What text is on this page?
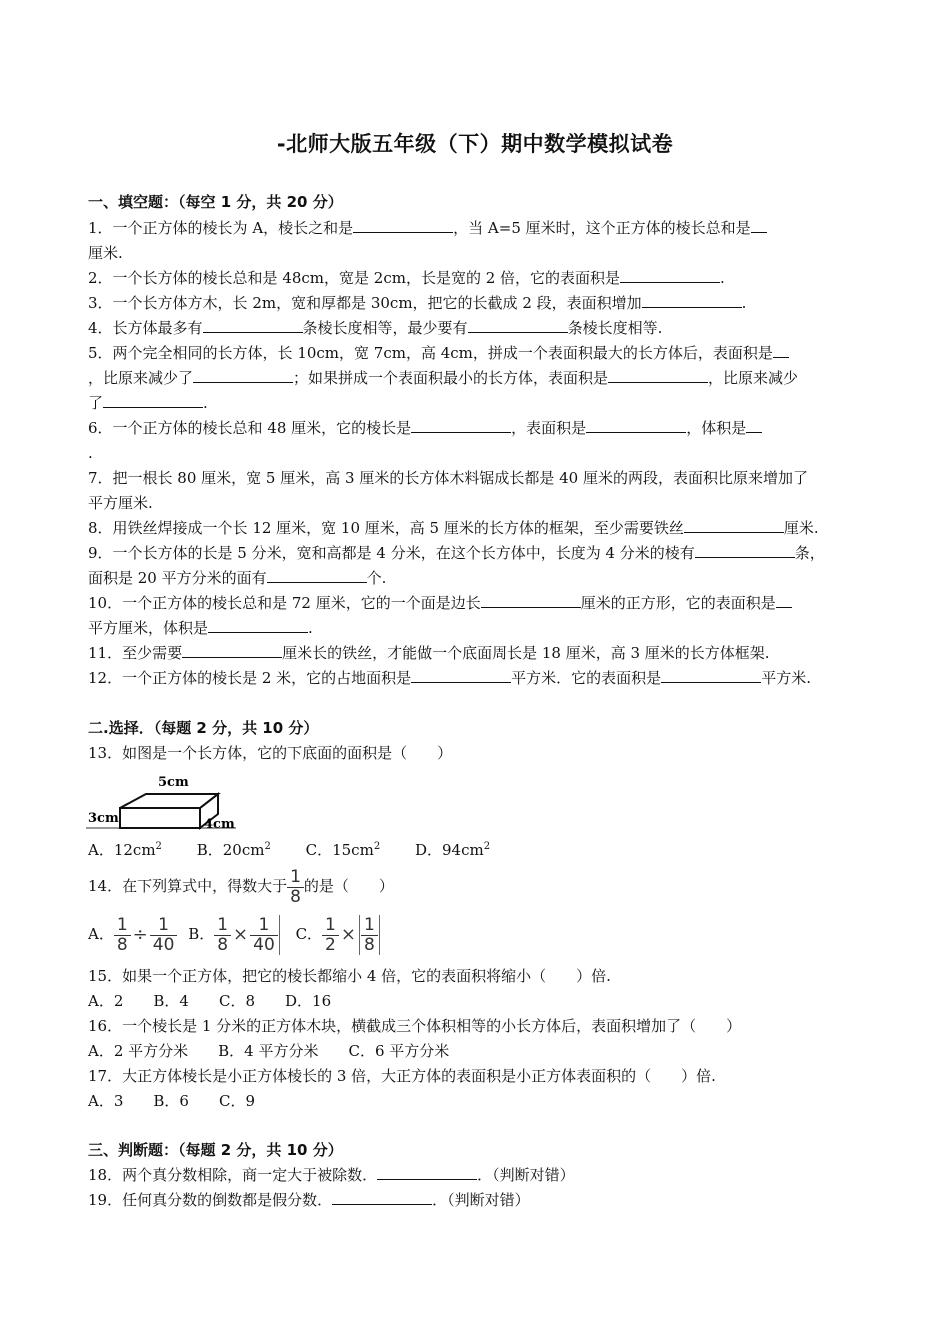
-北师大版五年级（下）期中数学模拟试卷
一、填空题：（每空 1 分，共 20 分）
1．一个正方体的棱长为 A，棱长之和是	，当 A=5 厘米时，这个正方体的棱长总和是
厘米.
2．一个长方体的棱长总和是 48cm，宽是 2cm，长是宽的 2 倍，它的表面积是	.
3．一个长方体方木，长 2m，宽和厚都是 30cm，把它的长截成 2 段，表面积增加	.
4．长方体最多有	条棱长度相等，最少要有	条棱长度相等.
5．两个完全相同的长方体，长 10cm，宽 7cm，高 4cm，拼成一个表面积最大的长方体后，表面积是
，比原来减少了	；如果拼成一个表面积最小的长方体，表面积是	，比原来减少
了	.
6．一个正方体的棱长总和 48 厘米，它的棱长是	，表面积是	，体积是
.
7．把一根长 80 厘米，宽 5 厘米，高 3 厘米的长方体木料锯成长都是 40 厘米的两段，表面积比原来增加了
平方厘米.
8．用铁丝焊接成一个长 12 厘米，宽 10 厘米，高 5 厘米的长方体的框架，至少需要铁丝	厘米.
9．一个长方体的长是 5 分米，宽和高都是 4 分米，在这个长方体中，长度为 4 分米的棱有	条，
面积是 20 平方分米的面有	个.
10．一个正方体的棱长总和是 72 厘米，它的一个面是边长	厘米的正方形，它的表面积是
平方厘米，体积是	.
11．至少需要	厘米长的铁丝，才能做一个底面周长是 18 厘米，高 3 厘米的长方体框架.
12．一个正方体的棱长是 2 米，它的占地面积是	平方米．它的表面积是	平方米.
二.选择．（每题 2 分，共 10 分）
13．如图是一个长方体，它的下底面的面积是（　　）
5cm
3cm	4cm
A．$12cm^2$ B．$20cm^2$ C．$15cm^2$ D．$94cm^2$
14．在下列算式中，得数大于 $\frac{1}{8}$ 的是（　　）
A． $\frac{1}{8} \div \frac{1}{40}$ B． $\frac{1}{8} \times \frac{1}{40}$ C． $\frac{1}{2} \times \frac{1}{8}$
15．如果一个正方体，把它的棱长都缩小 4 倍，它的表面积将缩小（　　）倍.
A．2 B．4 C．8 D．16
16．一个棱长是 1 分米的正方体木块，横截成三个体积相等的小长方体后，表面积增加了（　　）
A．2 平方分米 B．4 平方分米 C．6 平方分米
17．大正方体棱长是小正方体棱长的 3 倍，大正方体的表面积是小正方体表面积的（　　）倍.
A．3 B．6 C．9
三、判断题：（每题 2 分，共 10 分）
18．两个真分数相除，商一定大于被除数．	．（判断对错）
19．任何真分数的倒数都是假分数．	．（判断对错）
